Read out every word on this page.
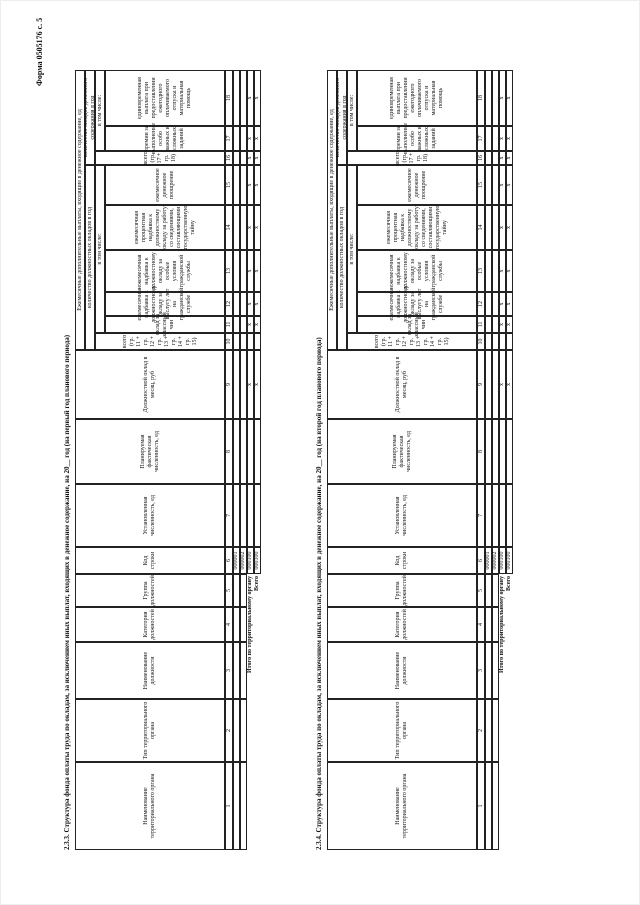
Форма 0505176 с. 5
2.3.3. Структура фонда оплаты труда по окладам, за исключением иных выплат, входящих в денежное содержание, на 20__ год (на первый год планового периода)	Наименование территориального органа
Тип территориального органа
Наименование должности
Категория должностей
Группа должностей
Код строки
Установленная численность, ед
Планируемая фактическая численность, ед
Должностной оклад в месяц, руб
Ежемесячные дополнительные выплаты, входящие в денежное содержание, ед количество должностных окладов в год
количество окладов денежного содержания в год
всего (гр. 11 + гр. 12 + гр. 13 + гр. 14 + гр. 15)
в том числе:
оклад за классный чин
ежемесячная надбавка к должностному окладу за выслугу лет на гражданской службе
ежемесячная надбавка к должностному окладу за особые условия гражданской службы
ежемесячная процентная надбавка к должностному окладу за работу со сведениями, составляющими государственную тайну
ежемесячное денежное поощрение
всего (гр. 17 + гр. 18)
в том числе:
премии за выполнение особо важных и сложных заданий
единовременная выплата при предоставлении ежегодного оплачиваемого отпуска и материальная помощь
1
2
3
4
5
6
7
8
9
10
11
12
13
14
15
16
17
18
000001 000002
Итого по территориальному органу
000100
x
x
x
x
x
x
x
x
x
Всего
000100
x
x
x
x
x
x
x
x
x
2.3.4. Структура фонда оплаты труда по окладам, за исключением иных выплат, входящих в денежное содержание, на 20__ год (на второй год планового периода)	Наименование территориального органа
Тип территориального органа
Наименование должности
Категория должностей
Группа должностей
Код строки
Установленная численность, ед
Планируемая фактическая численность, ед
Должностной оклад в месяц, руб
Ежемесячные дополнительные выплаты, входящие в денежное содержание, ед количество должностных окладов в год
количество окладов денежного содержания в год
всего (гр. 11 + гр. 12 + гр. 13 + гр. 14 + гр. 15)
в том числе:
оклад за классный чин
ежемесячная надбавка к должностному окладу за выслугу лет на гражданской службе
ежемесячная надбавка к должностному окладу за особые условия гражданской службы
ежемесячная процентная надбавка к должностному окладу за работу со сведениями, составляющими государственную тайну
ежемесячное денежное поощрение
всего (гр. 17 + гр. 18)
в том числе:
премии за выполнение особо важных и сложных заданий
единовременная выплата при предоставлении ежегодного оплачиваемого отпуска и материальная помощь
1
2
3
4
5
6
7
8
9
10
11
12
13
14
15
16
17
18
000001 000002
Итого по территориальному органу
000100
x
x
x
x
x
x
x
x
x
Всего
000100
x
x
x
x
x
x
x
x
x
